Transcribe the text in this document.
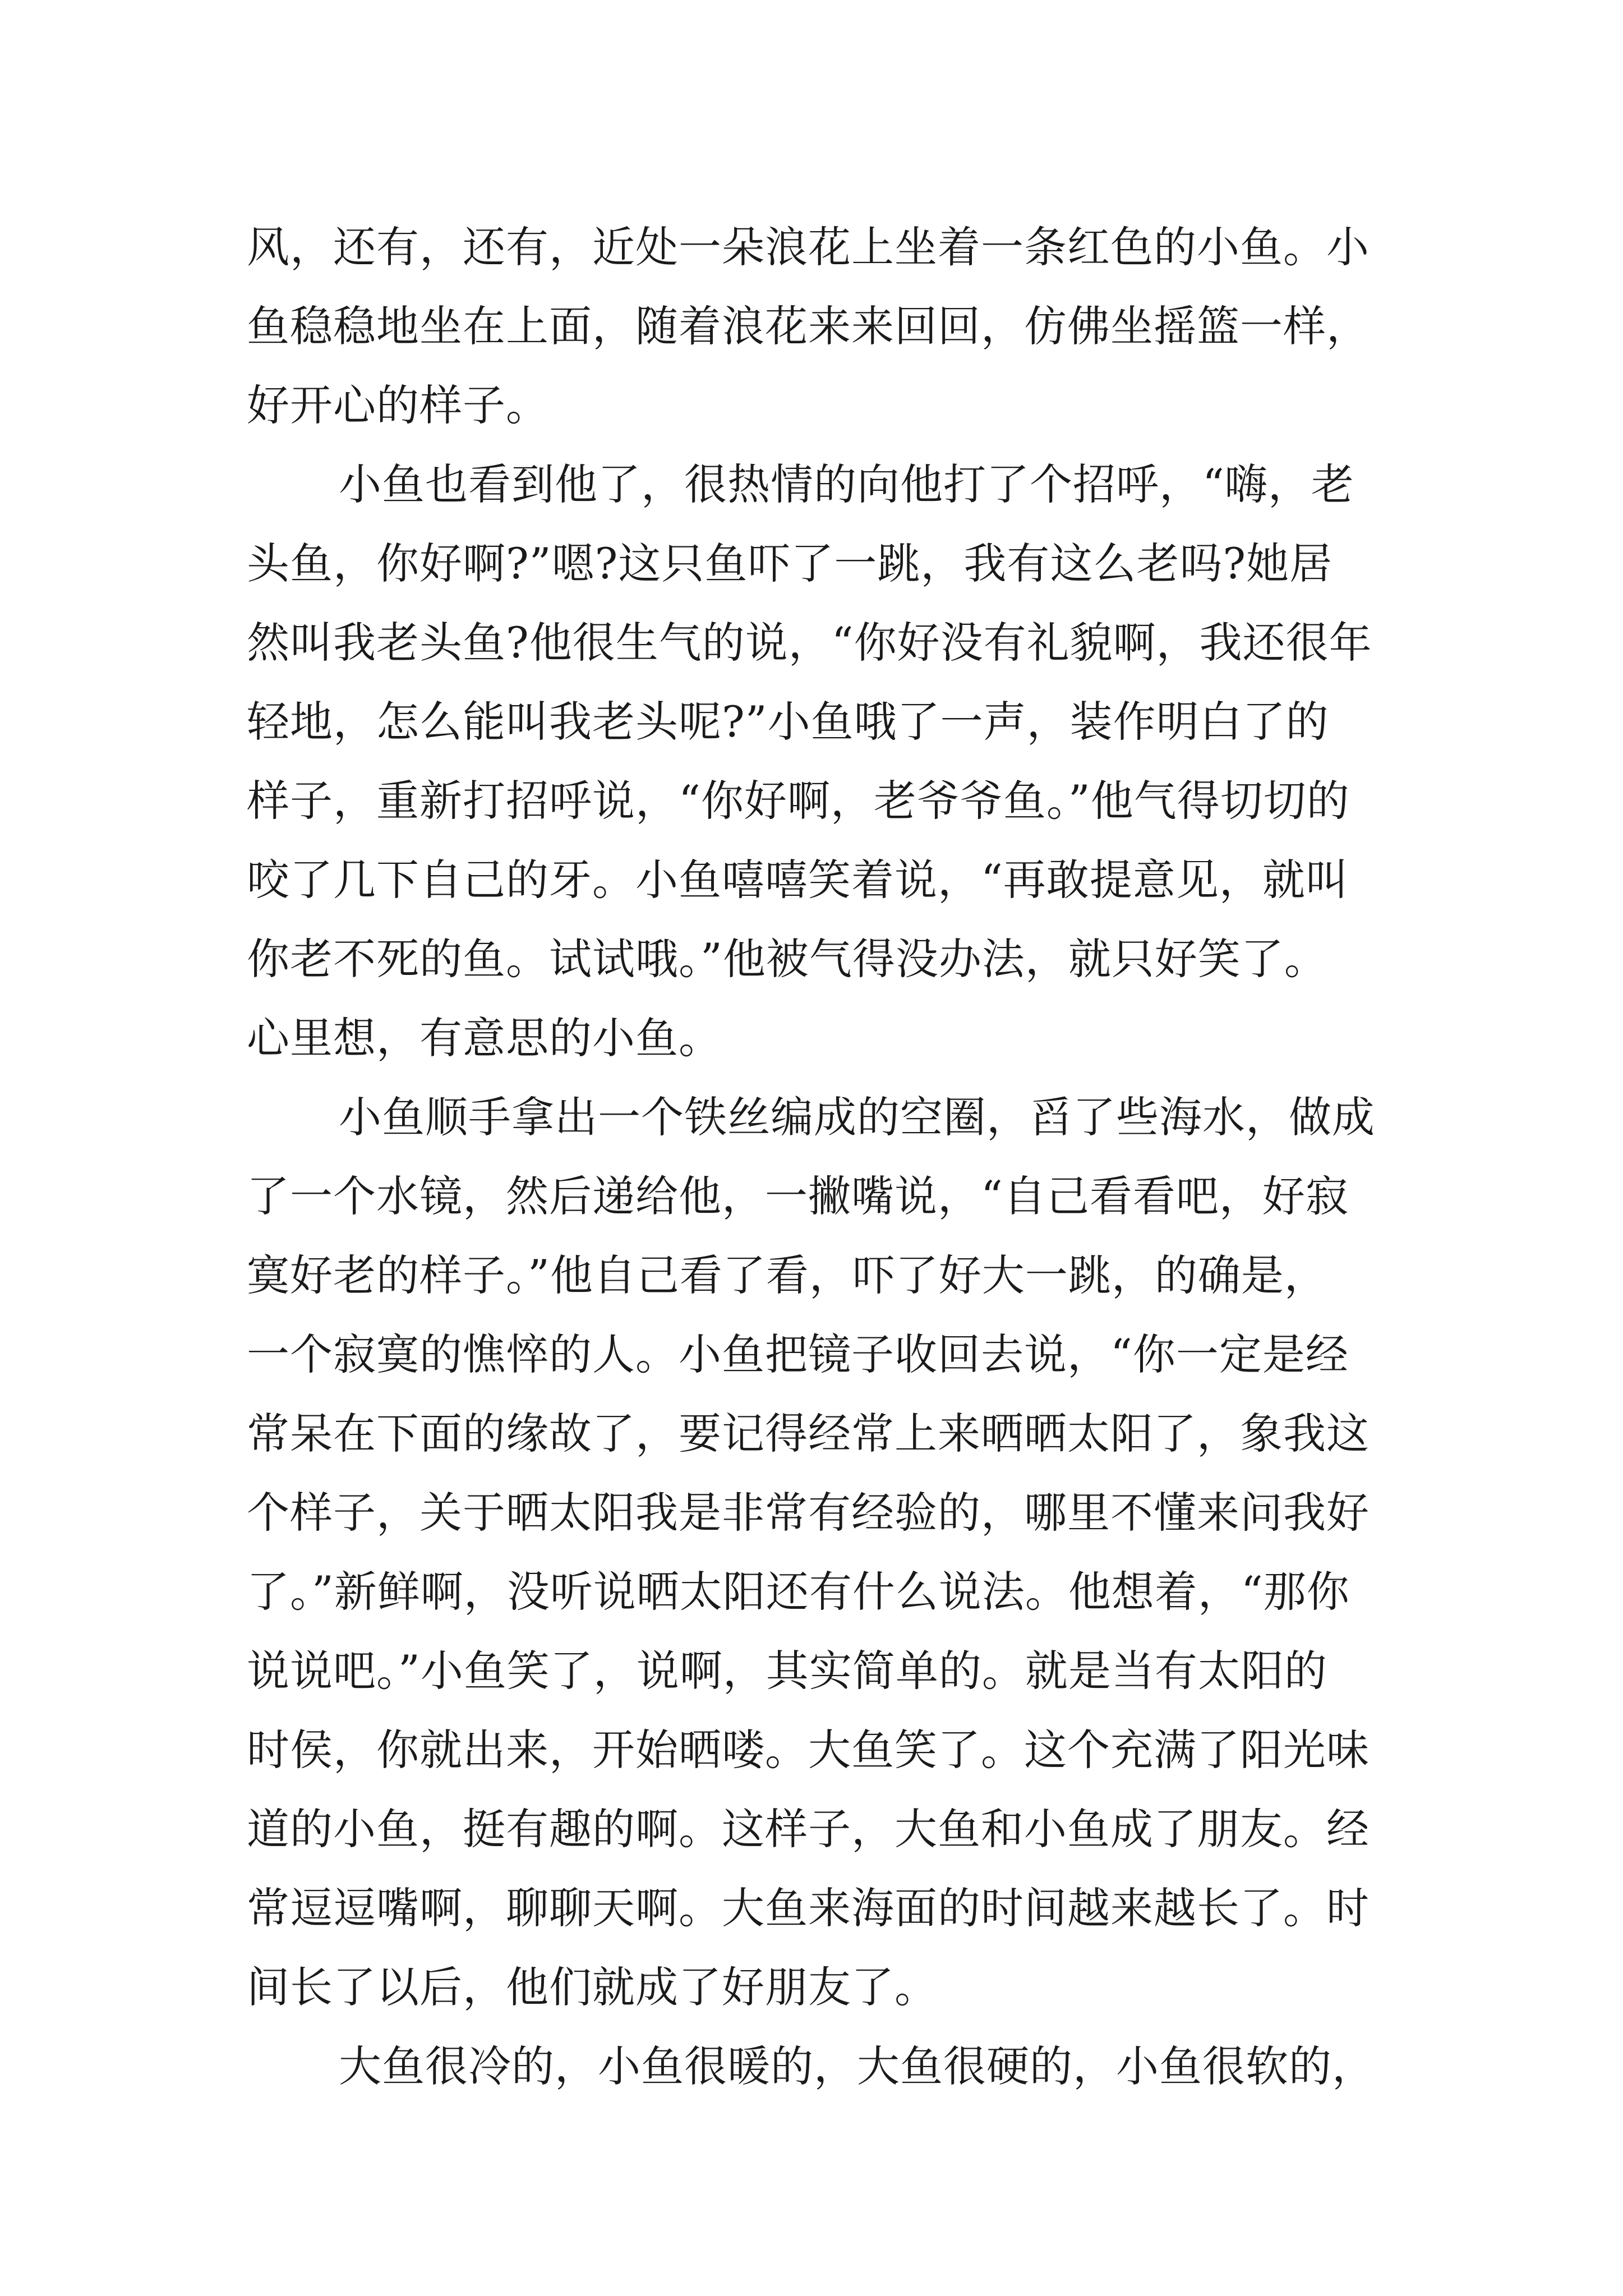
风，还有，还有，近处一朵浪花上坐着一条红色的小鱼。小
鱼稳稳地坐在上面，随着浪花来来回回，仿佛坐摇篮一样，
好开心的样子。
小鱼也看到他了，很热情的向他打了个招呼，“嗨，老
头鱼，你好啊?”嗯?这只鱼吓了一跳，我有这么老吗?她居
然叫我老头鱼?他很生气的说，“你好没有礼貌啊，我还很年
轻地，怎么能叫我老头呢?”小鱼哦了一声，装作明白了的
样子，重新打招呼说，“你好啊，老爷爷鱼。”他气得切切的
咬了几下自己的牙。小鱼嘻嘻笑着说，“再敢提意见，就叫
你老不死的鱼。试试哦。”他被气得没办法，就只好笑了。
心里想，有意思的小鱼。
小鱼顺手拿出一个铁丝编成的空圈，舀了些海水，做成
了一个水镜，然后递给他，一撇嘴说，“自己看看吧，好寂
寞好老的样子。”他自己看了看，吓了好大一跳，的确是，
一个寂寞的憔悴的人。小鱼把镜子收回去说，“你一定是经
常呆在下面的缘故了，要记得经常上来晒晒太阳了，象我这
个样子，关于晒太阳我是非常有经验的，哪里不懂来问我好
了。”新鲜啊，没听说晒太阳还有什么说法。他想着，“那你
说说吧。”小鱼笑了，说啊，其实简单的。就是当有太阳的
时侯，你就出来，开始晒喽。大鱼笑了。这个充满了阳光味
道的小鱼，挺有趣的啊。这样子，大鱼和小鱼成了朋友。经
常逗逗嘴啊，聊聊天啊。大鱼来海面的时间越来越长了。时
间长了以后，他们就成了好朋友了。
大鱼很冷的，小鱼很暖的，大鱼很硬的，小鱼很软的，
